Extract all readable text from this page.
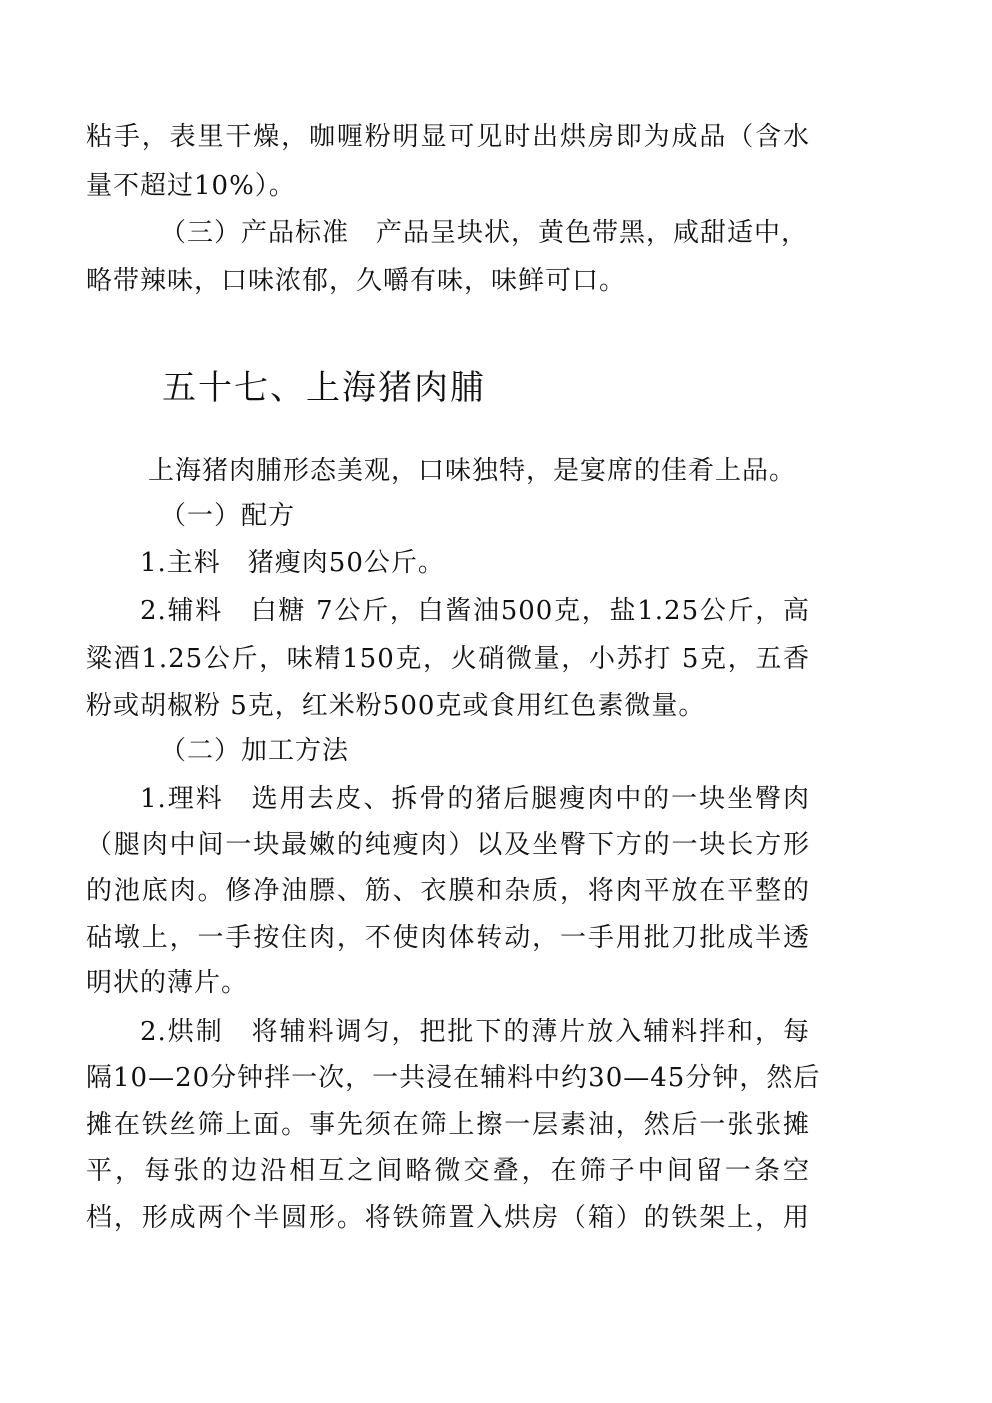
粘手，表里干燥，咖喱粉明显可见时出烘房即为成品（含水
量不超过10%）。
（三）产品标准　产品呈块状，黄色带黑，咸甜适中，
略带辣味，口味浓郁，久嚼有味，味鲜可口。
五十七、上海猪肉脯
上海猪肉脯形态美观，口味独特，是宴席的佳肴上品。
（一）配方
1.主料　猪瘦肉50公斤。
2.辅料　白糖 7公斤，白酱油500克，盐1.25公斤，高
粱酒1.25公斤，味精150克，火硝微量，小苏打 5克，五香
粉或胡椒粉 5克，红米粉500克或食用红色素微量。
（二）加工方法
1.理料　选用去皮、拆骨的猪后腿瘦肉中的一块坐臀肉
（腿肉中间一块最嫩的纯瘦肉）以及坐臀下方的一块长方形
的池底肉。修净油膘、筋、衣膜和杂质，将肉平放在平整的
砧墩上，一手按住肉，不使肉体转动，一手用批刀批成半透
明状的薄片。
2.烘制　将辅料调匀，把批下的薄片放入辅料拌和，每
隔10—20分钟拌一次，一共浸在辅料中约30—45分钟，然后
摊在铁丝筛上面。事先须在筛上擦一层素油，然后一张张摊
平，每张的边沿相互之间略微交叠，在筛子中间留一条空
档，形成两个半圆形。将铁筛置入烘房（箱）的铁架上，用
